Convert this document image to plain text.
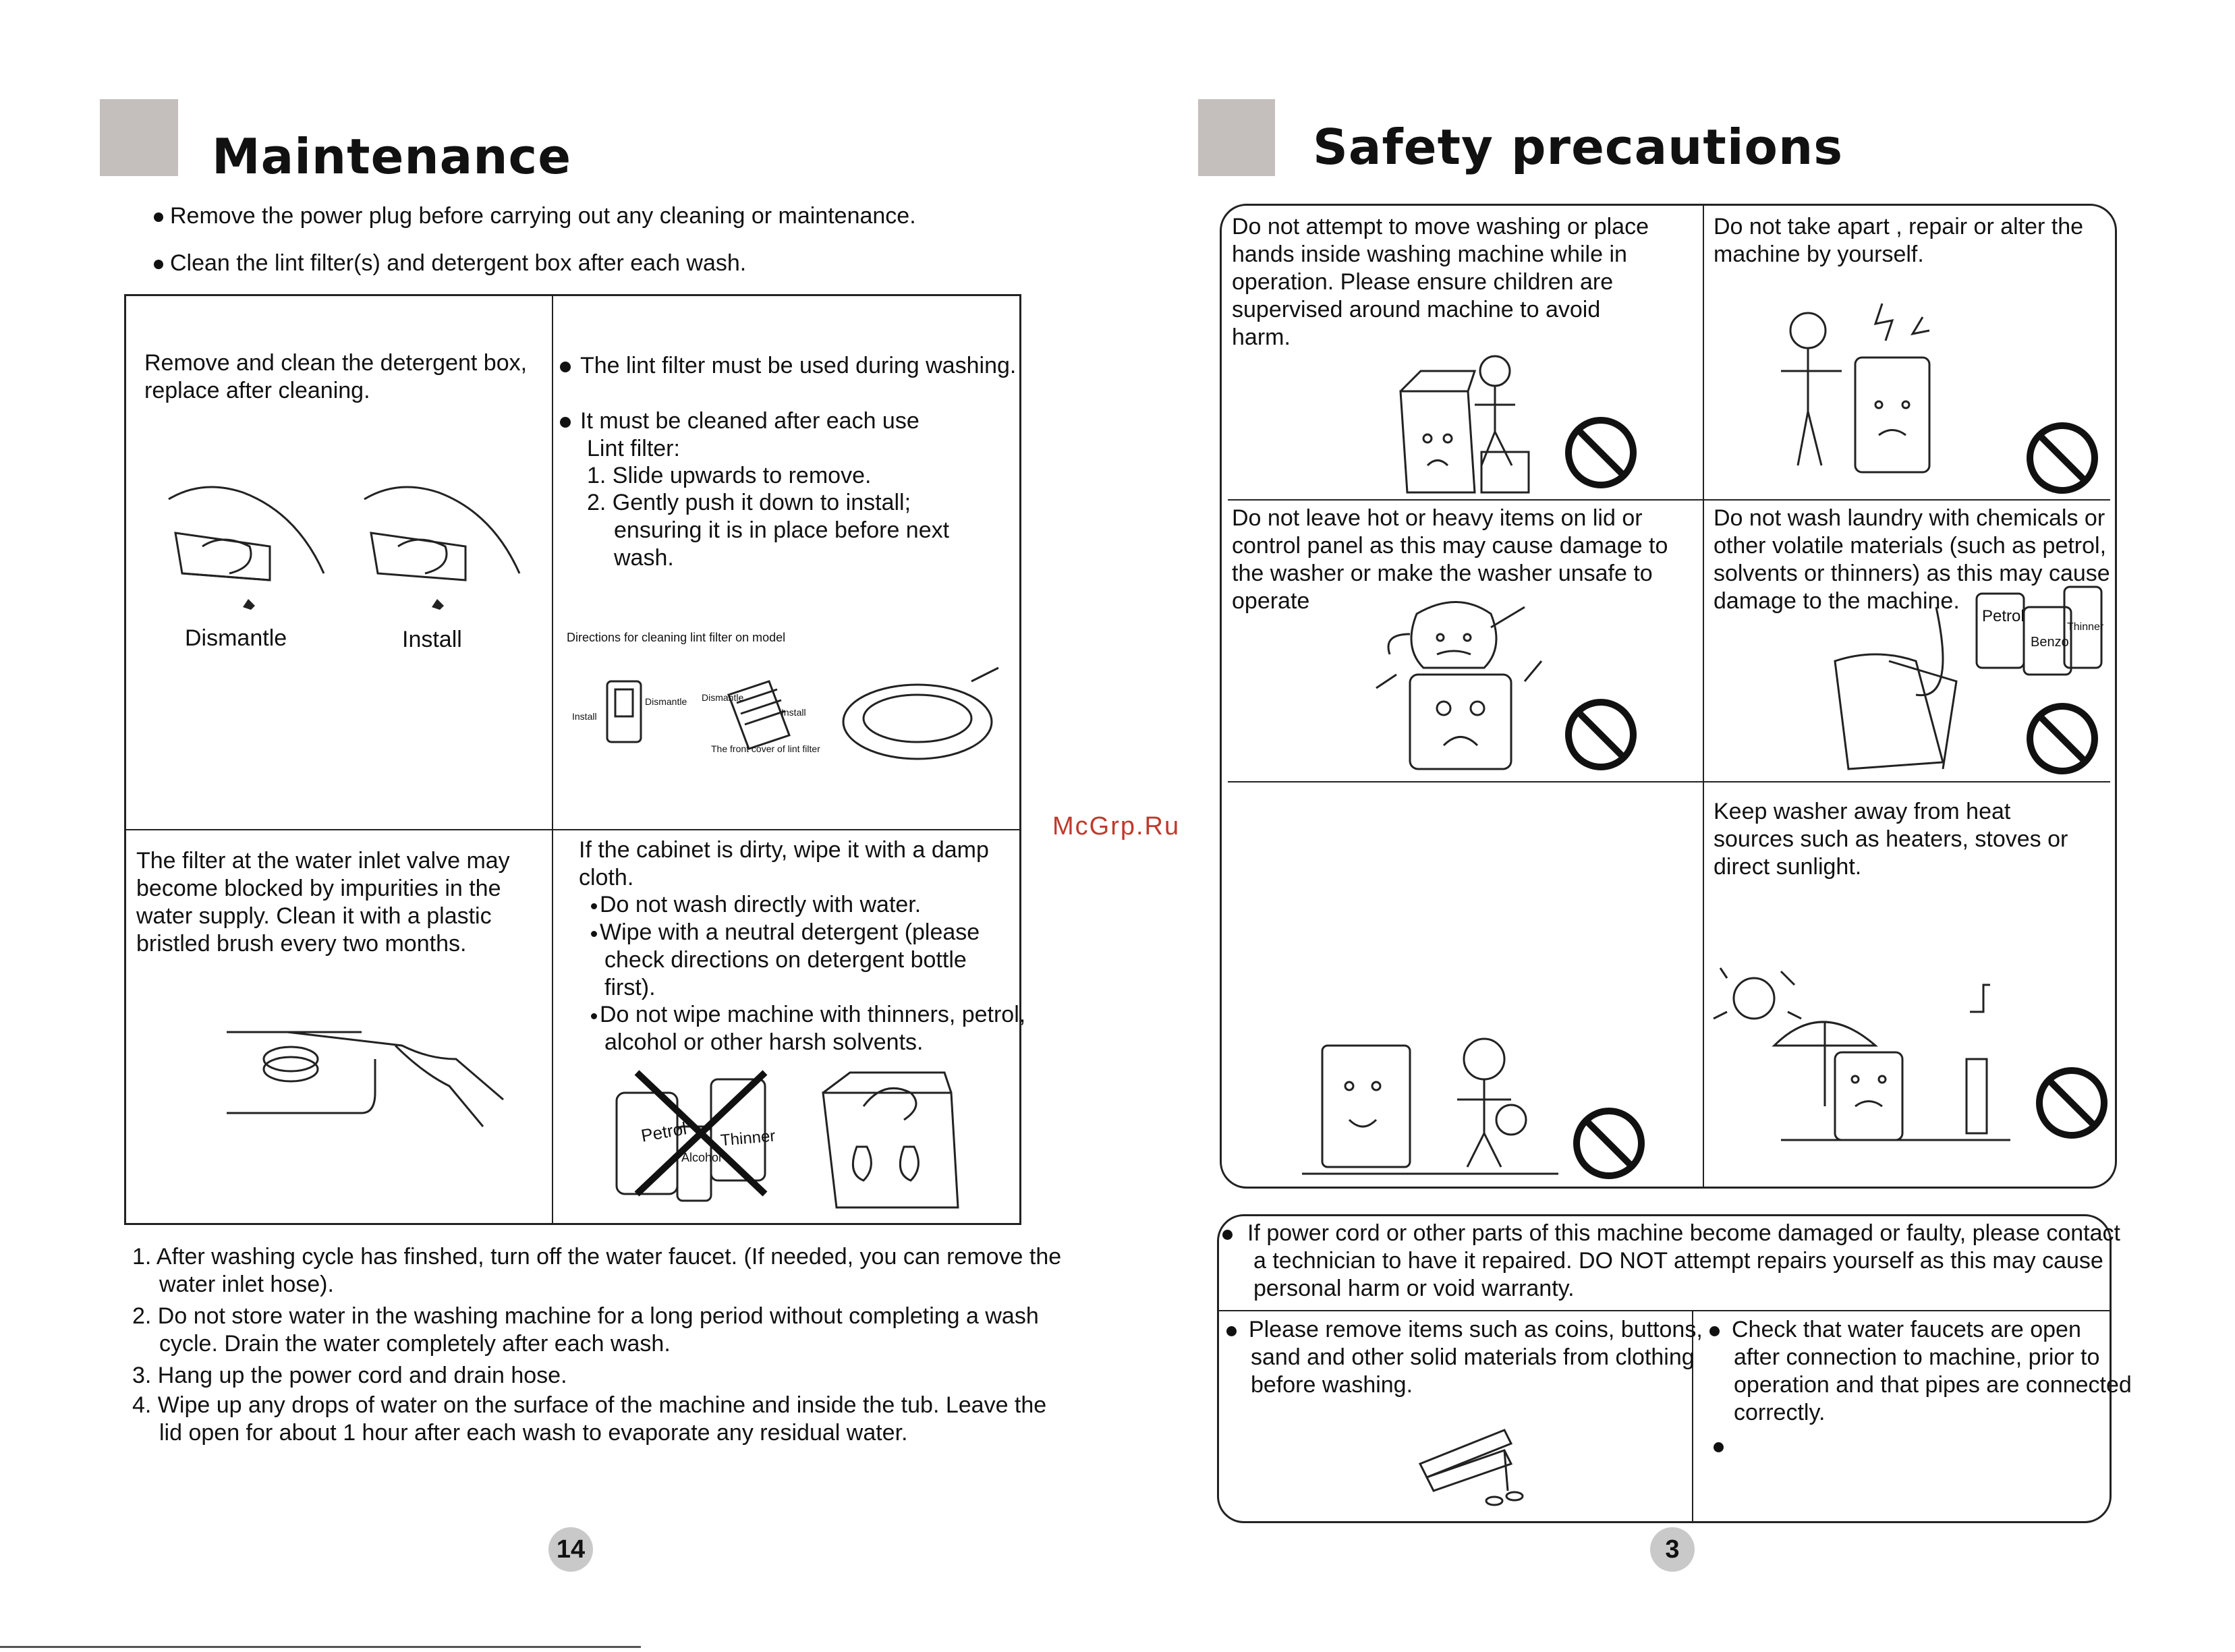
Maintenance
Remove the power plug before carrying out any cleaning or maintenance.
Clean the lint filter(s) and detergent box after each wash.
Remove and clean the detergent box, replace after cleaning.
Dismantle	Install
The lint filter must be used during washing.
It must be cleaned after each use
Lint filter:
1. Slide upwards to remove.
2. Gently push it down to install; ensuring it is in place before next wash.
Directions for cleaning lint filter on model
Install
Dismantle Dismantle
Install
The front cover of lint filter
The filter at the water inlet valve may become blocked by impurities in the water supply. Clean it with a plastic bristled brush every two months.
If the cabinet is dirty, wipe it with a damp cloth.
Do not wash directly with water.
Wipe with a neutral detergent (please check directions on detergent bottle first).
Do not wipe machine with thinners, petrol, alcohol or other harsh solvents.
Petrol
Alcohol
Thinner
1. After washing cycle has finshed, turn off the water faucet. (If needed, you can remove the water inlet hose).
2. Do not store water in the washing machine for a long period without completing a wash cycle. Drain the water completely after each wash.
3. Hang up the power cord and drain hose.
4. Wipe up any drops of water on the surface of the machine and inside the tub. Leave the lid open for about 1 hour after each wash to evaporate any residual water.
14
McGrp.Ru
Safety precautions
Do not attempt to move washing or place hands inside washing machine while in operation. Please ensure children are supervised around machine to avoid harm.
Do not take apart , repair or alter the machine by yourself.
Do not leave hot or heavy items on lid or control panel as this may cause damage to the washer or make the washer unsafe to operate
Do not wash laundry with chemicals or other volatile materials (such as petrol, solvents or thinners) as this may cause damage to the machine.
Petrol
Benzo
Thinner
Keep washer away from heat sources such as heaters, stoves or direct sunlight.
If power cord or other parts of this machine become damaged or faulty, please contact a technician to have it repaired. DO NOT attempt repairs yourself as this may cause personal harm or void warranty.
Please remove items such as coins, buttons, sand and other solid materials from clothing before washing.
Check that water faucets are open after connection to machine, prior to operation and that pipes are connected correctly.
3
